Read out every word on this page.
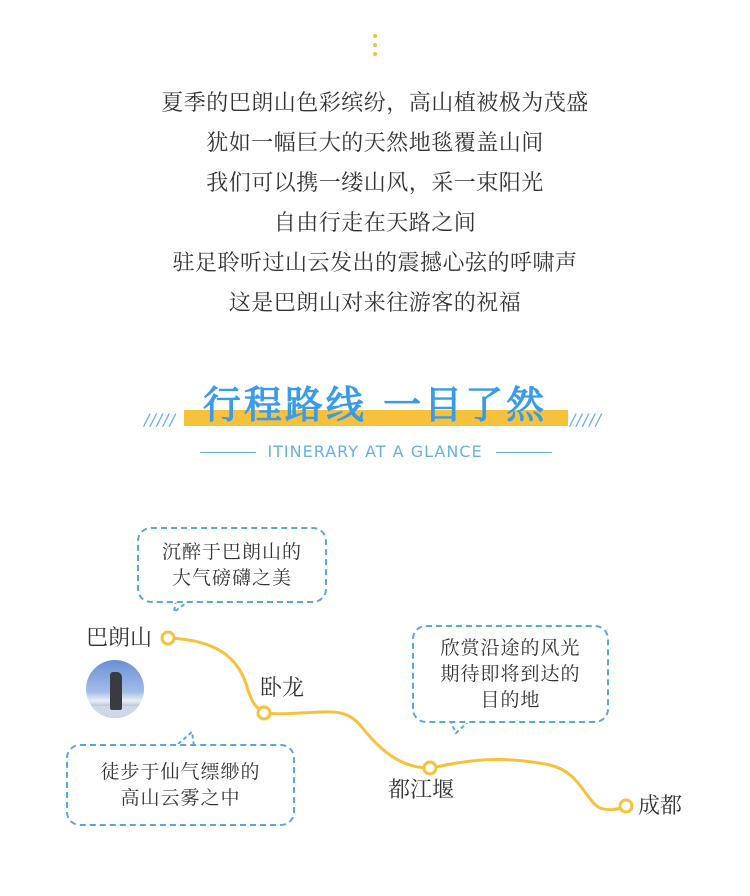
夏季的巴朗山色彩缤纷，高山植被极为茂盛
犹如一幅巨大的天然地毯覆盖山间
我们可以携一缕山风，采一束阳光
自由行走在天路之间
驻足聆听过山云发出的震撼心弦的呼啸声
这是巴朗山对来往游客的祝福
///// 行程路线 一目了然	/////
ITINERARY AT A GLANCE
沉醉于巴朗山的
大气磅礴之美
欣赏沿途的风光
期待即将到达的
目的地
徒步于仙气缥缈的
高山云雾之中
巴朗山
卧龙
都江堰
成都
